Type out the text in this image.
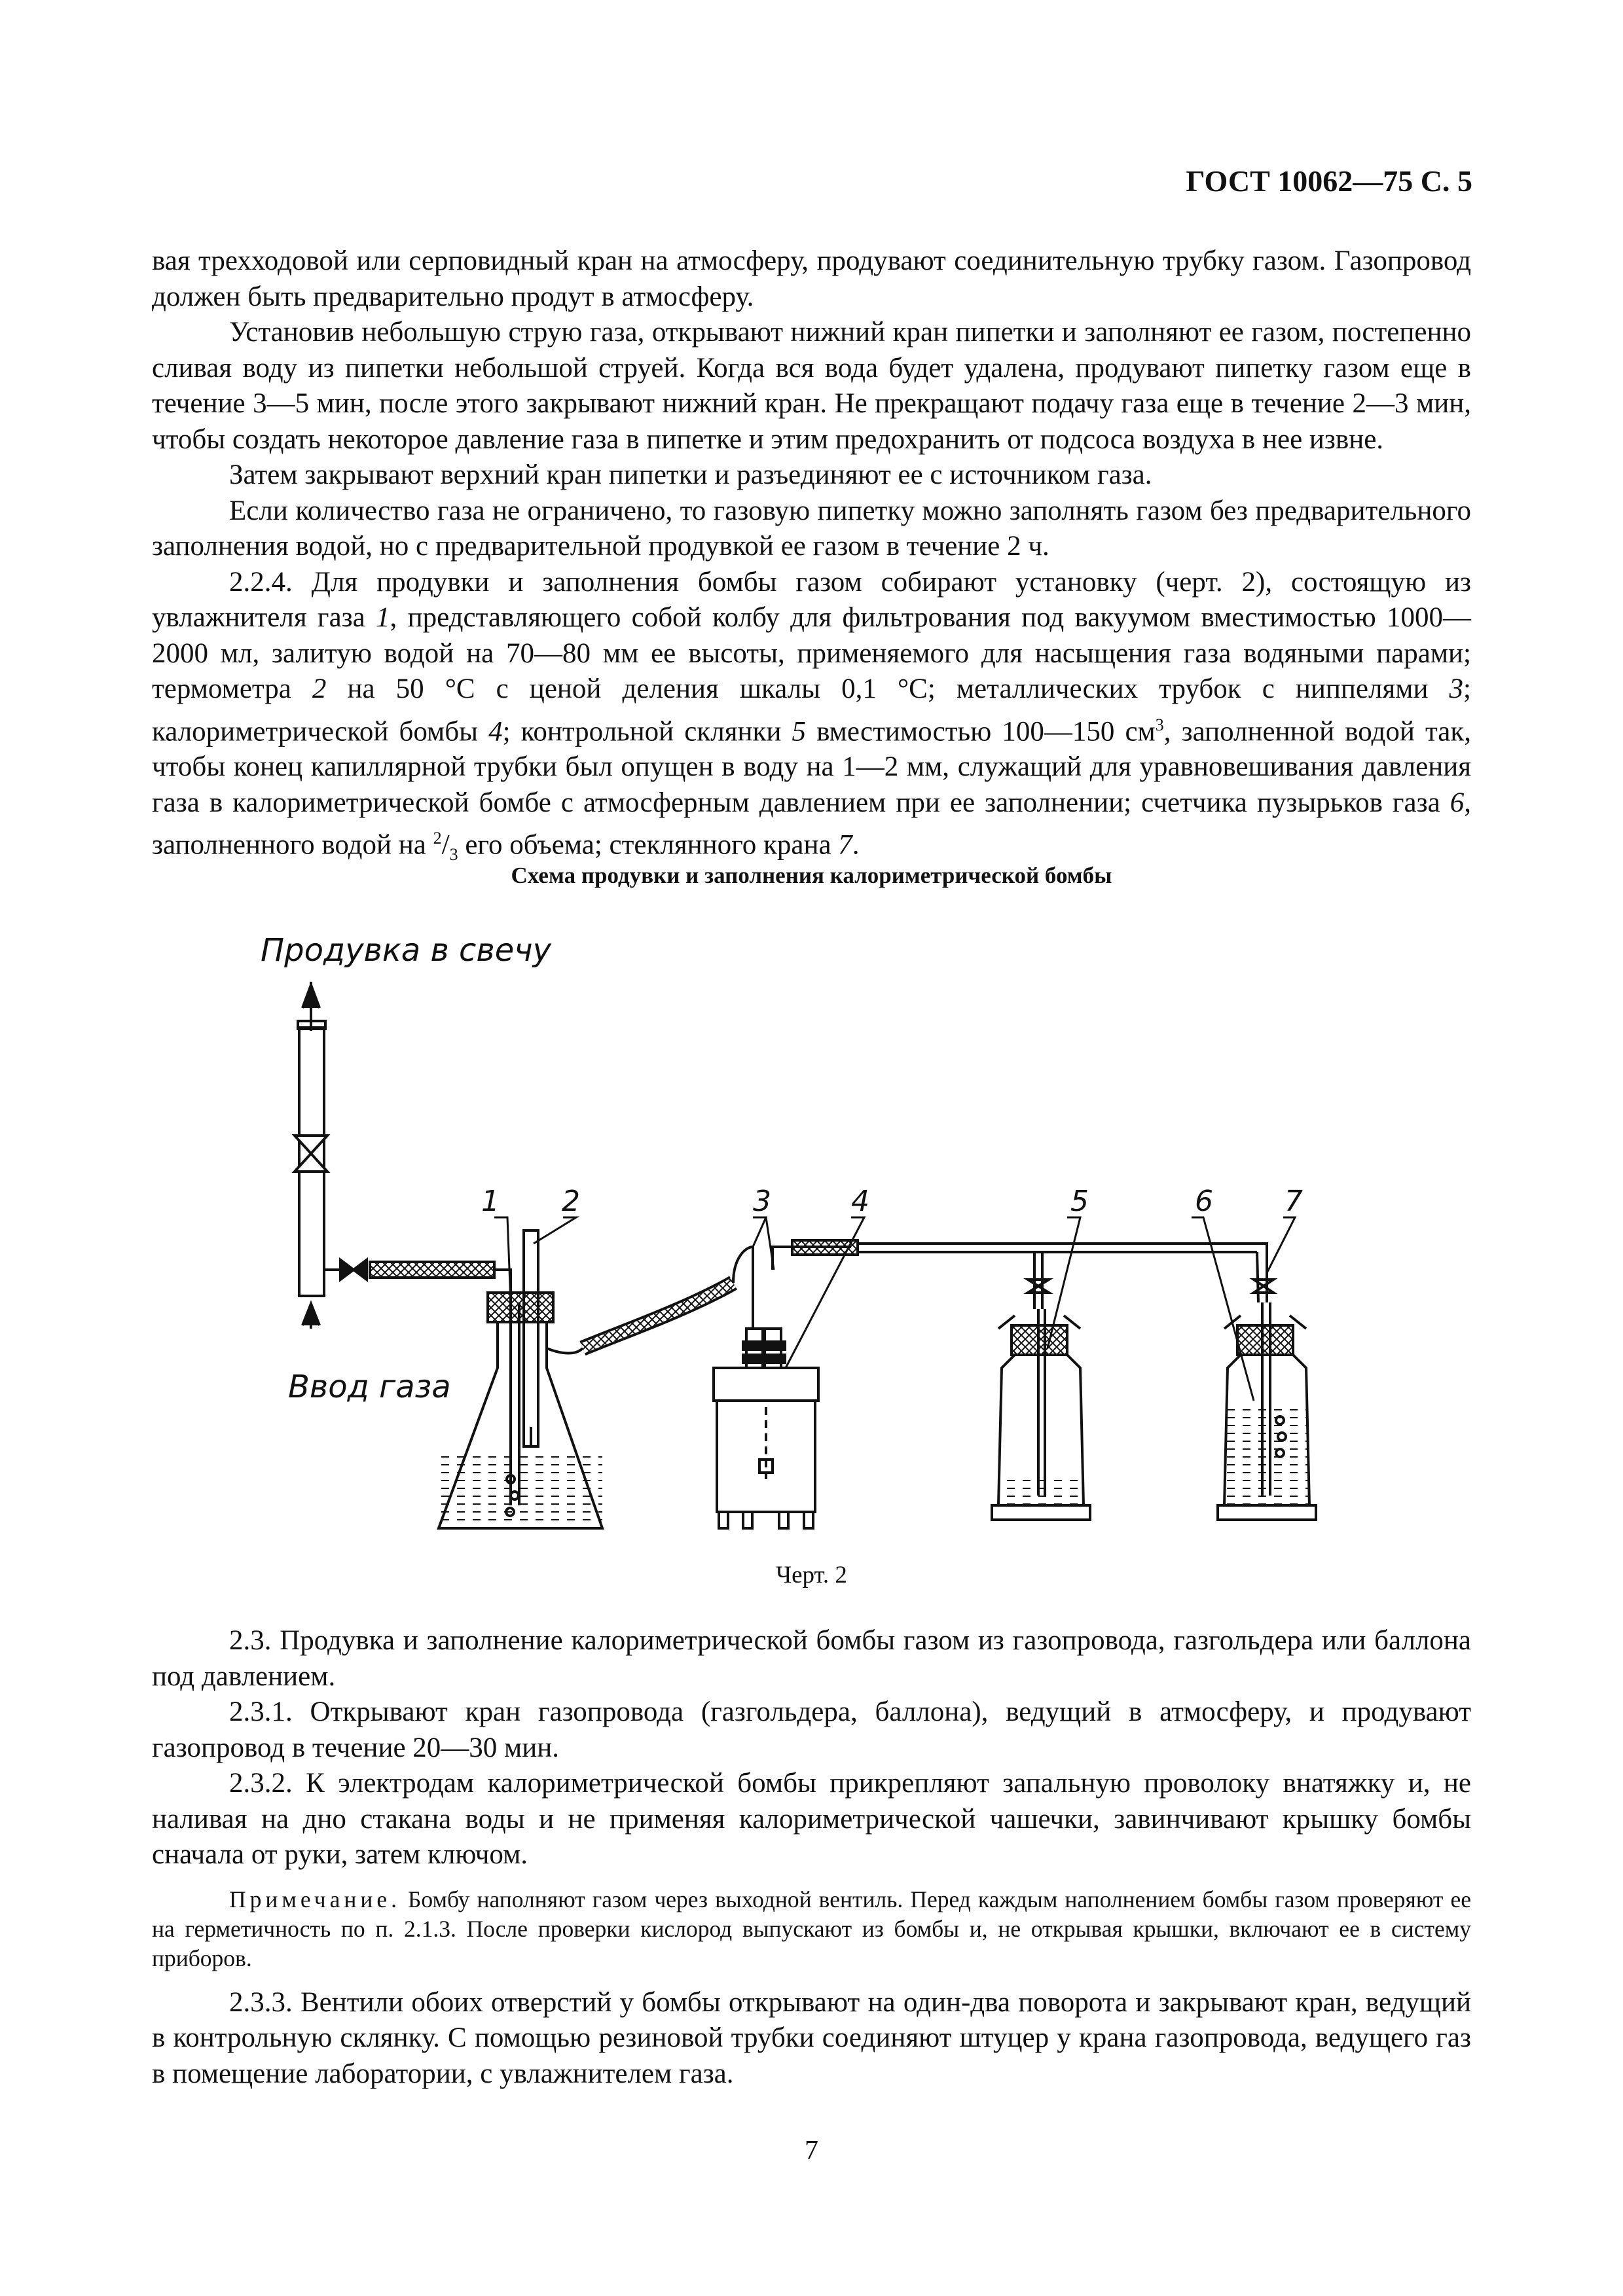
ГОСТ 10062—75 С. 5

вая трехходовой или серповидный кран на атмосферу, продувают соединительную трубку газом. Газопровод должен быть предварительно продут в атмосферу.

Установив небольшую струю газа, открывают нижний кран пипетки и заполняют ее газом, постепенно сливая воду из пипетки небольшой струей. Когда вся вода будет удалена, продувают пипетку газом еще в течение 3—5 мин, после этого закрывают нижний кран. Не прекращают подачу газа еще в течение 2—3 мин, чтобы создать некоторое давление газа в пипетке и этим предохранить от подсоса воздуха в нее извне.

Затем закрывают верхний кран пипетки и разъединяют ее с источником газа.

Если количество газа не ограничено, то газовую пипетку можно заполнять газом без предварительного заполнения водой, но с предварительной продувкой ее газом в течение 2 ч.

2.2.4. Для продувки и заполнения бомбы газом собирают установку (черт. 2), состоящую из увлажнителя газа 1, представляющего собой колбу для фильтрования под вакуумом вместимостью 1000—2000 мл, залитую водой на 70—80 мм ее высоты, применяемого для насыщения газа водяными парами; термометра 2 на 50 °С с ценой деления шкалы 0,1 °С; металлических трубок с ниппелями 3; калориметрической бомбы 4; контрольной склянки 5 вместимостью 100—150 $см^3$, заполненной водой так, чтобы конец капиллярной трубки был опущен в воду на 1—2 мм, служащий для уравновешивания давления газа в калориметрической бомбе с атмосферным давлением при ее заполнении; счетчика пузырьков газа 6, заполненного водой на $^2/_3$ его объема; стеклянного крана 7.

Схема продувки и заполнения калориметрической бомбы
Продувка в свечу
Ввод газа
1 2	3	4	5	6 7
Черт. 2

2.3. Продувка и заполнение калориметрической бомбы газом из газопровода, газгольдера или баллона под давлением.

2.3.1. Открывают кран газопровода (газгольдера, баллона), ведущий в атмосферу, и продувают газопровод в течение 20—30 мин.

2.3.2. К электродам калориметрической бомбы прикрепляют запальную проволоку внатяжку и, не наливая на дно стакана воды и не применяя калориметрической чашечки, завинчивают крышку бомбы сначала от руки, затем ключом.

Примечание. Бомбу наполняют газом через выходной вентиль. Перед каждым наполнением бомбы газом проверяют ее на герметичность по п. 2.1.3. После проверки кислород выпускают из бомбы и, не открывая крышки, включают ее в систему приборов.

2.3.3. Вентили обоих отверстий у бомбы открывают на один-два поворота и закрывают кран, ведущий в контрольную склянку. С помощью резиновой трубки соединяют штуцер у крана газопровода, ведущего газ в помещение лаборатории, с увлажнителем газа.

7
